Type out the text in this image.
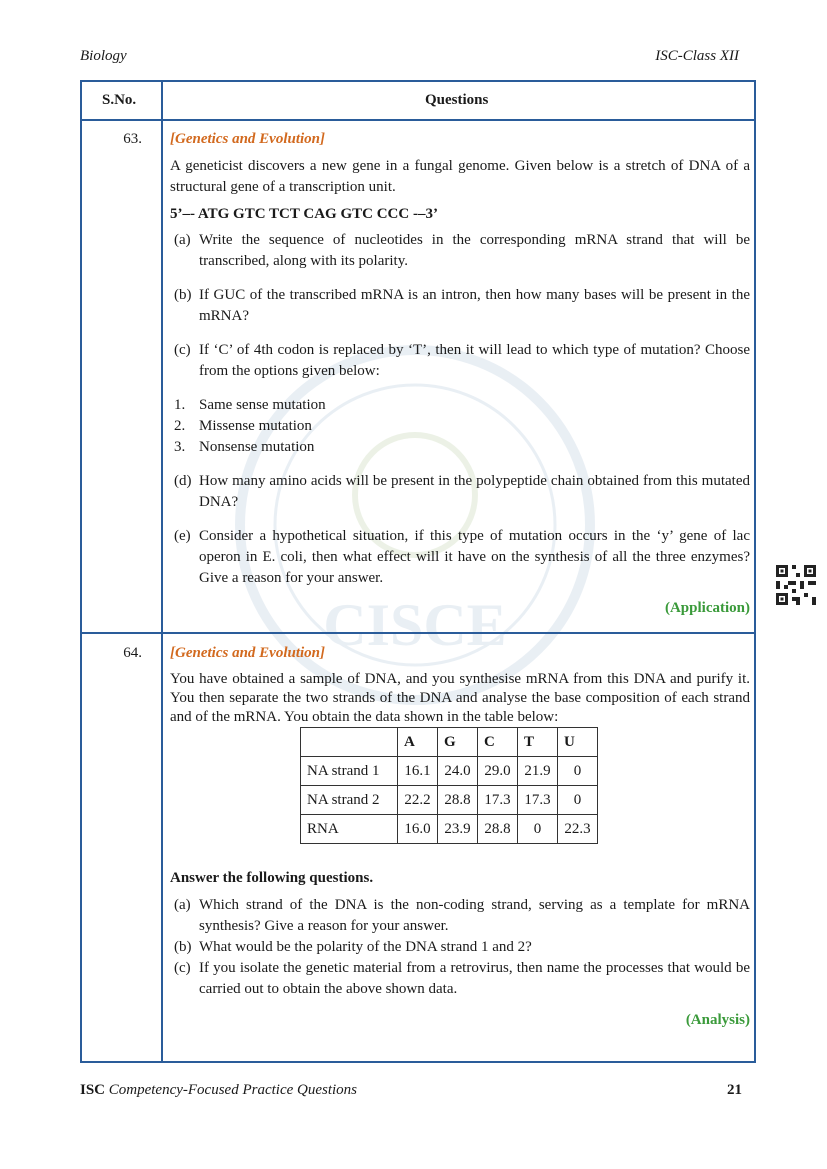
Biology	ISC-Class XII
CISCE
S.No.	Questions
63. [Genetics and Evolution]

A geneticist discovers a new gene in a fungal genome. Given below is a stretch of DNA of a structural gene of a transcription unit.

5’–- ATG GTC TCT CAG GTC CCC -–3’

(a) Write the sequence of nucleotides in the corresponding mRNA strand that will be transcribed, along with its polarity.
(b) If GUC of the transcribed mRNA is an intron, then how many bases will be present in the mRNA?
(c) If ‘C’ of 4th codon is replaced by ‘T’, then it will lead to which type of mutation? Choose from the options given below:
1. Same sense mutation
2. Missense mutation
3. Nonsense mutation
(d) How many amino acids will be present in the polypeptide chain obtained from this mutated DNA?
(e) Consider a hypothetical situation, if this type of mutation occurs in the ‘y’ gene of lac operon in E. coli, then what effect will it have on the synthesis of all the three enzymes? Give a reason for your answer.

(Application)

64. [Genetics and Evolution]

You have obtained a sample of DNA, and you synthesise mRNA from this DNA and purify it. You then separate the two strands of the DNA and analyse the base composition of each strand and of the mRNA. You obtain the data shown in the table below:

	A	G	C	T	U
NA strand 1	16.1	24.0	29.0	21.9	0
NA strand 2	22.2	28.8	17.3	17.3	0
RNA	16.0	23.9	28.8	0	22.3

Answer the following questions.

(a) Which strand of the DNA is the non-coding strand, serving as a template for mRNA synthesis? Give a reason for your answer.
(b) What would be the polarity of the DNA strand 1 and 2?
(c) If you isolate the genetic material from a retrovirus, then name the processes that would be carried out to obtain the above shown data.

(Analysis)

ISC Competency-Focused Practice Questions	21
